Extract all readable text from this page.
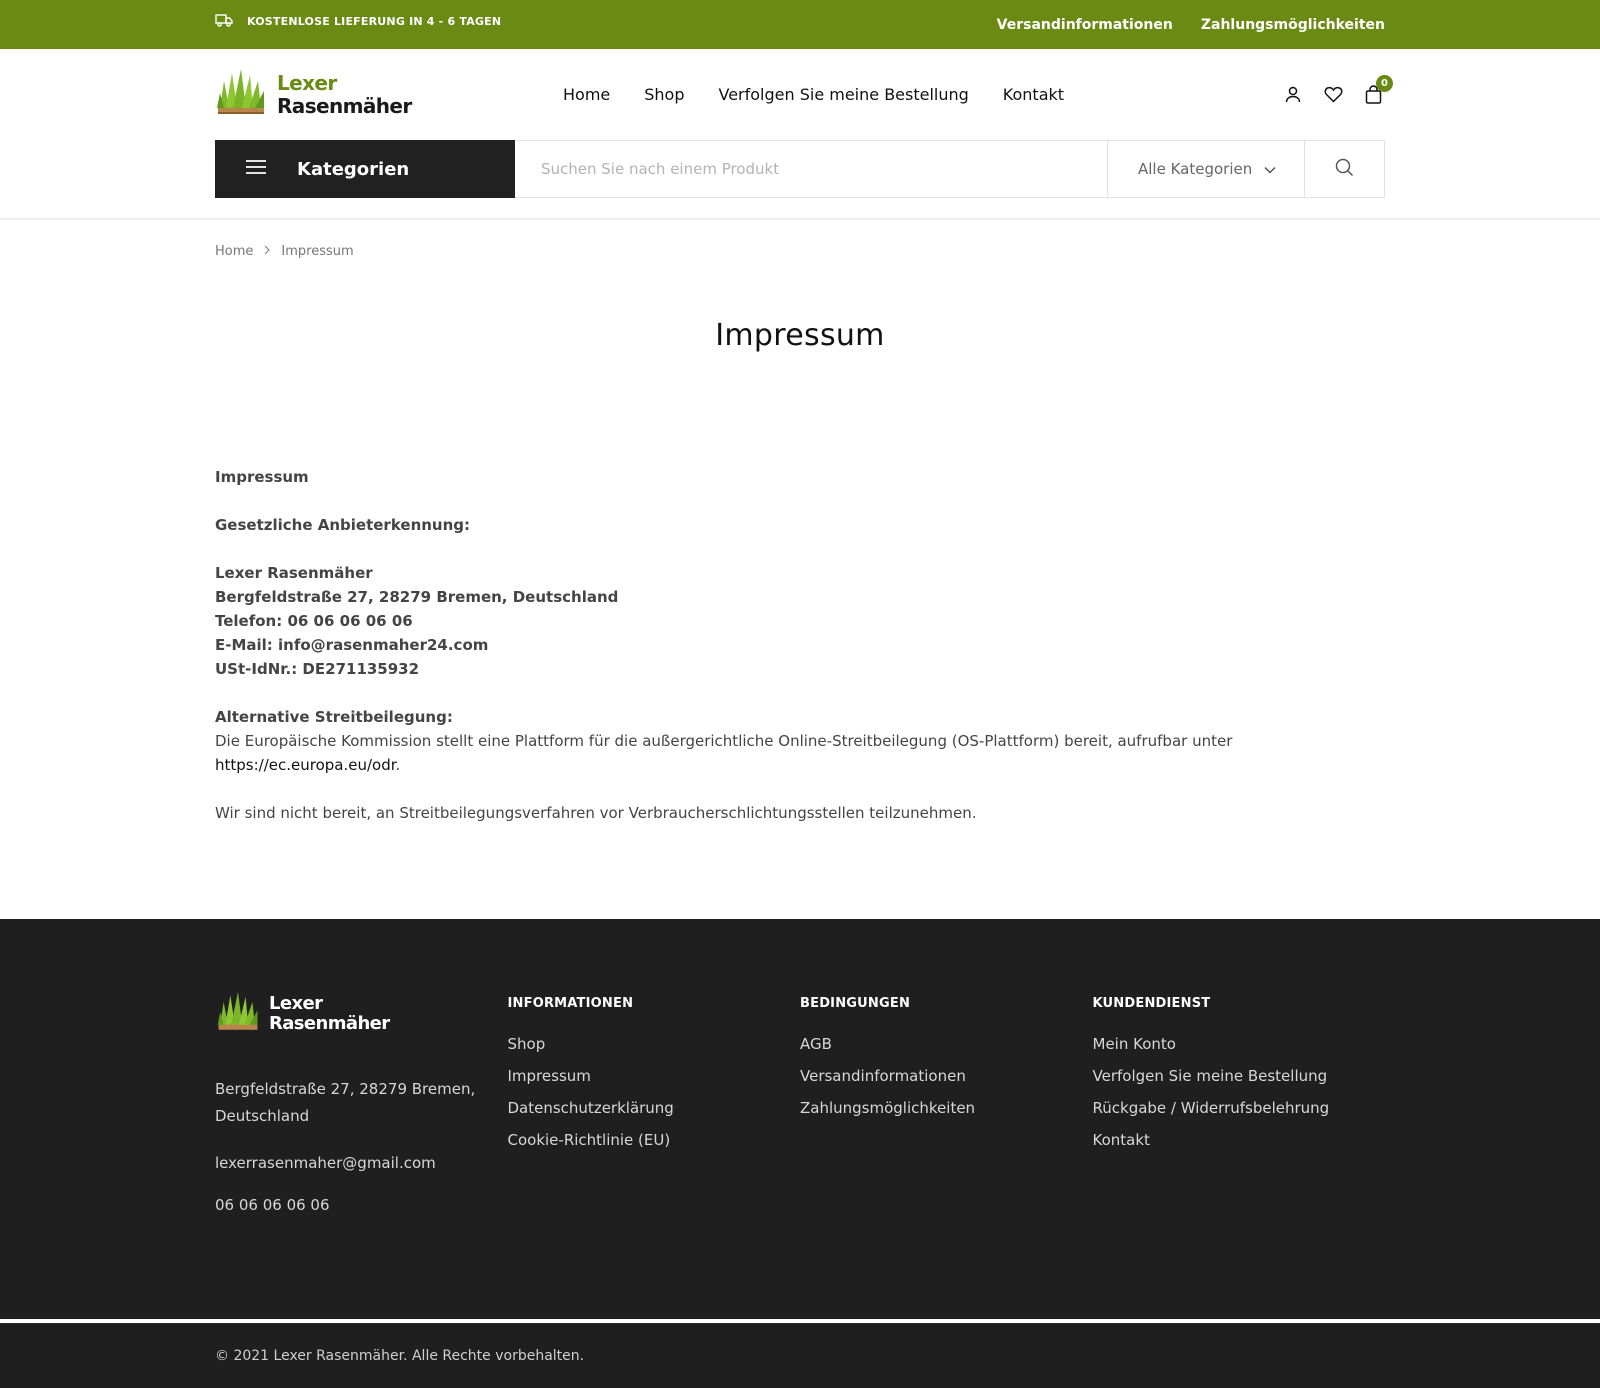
KOSTENLOSE LIEFERUNG IN 4 - 6 TAGEN	Versandinformationen Zahlungsmöglichkeiten
Lexer
Rasenmäher	Home Shop Verfolgen Sie meine Bestellung Kontakt
0
Kategorien
Suchen Sie nach einem Produkt	Alle Kategorien
Home Impressum
Impressum

Impressum

Gesetzliche Anbieterkennung:

Lexer Rasenmäher

Bergfeldstraße 27, 28279 Bremen, Deutschland

Telefon: 06 06 06 06 06

E-Mail: info@rasenmaher24.com

USt-IdNr.: DE271135932

Alternative Streitbeilegung:

Die Europäische Kommission stellt eine Plattform für die außergerichtliche Online-Streitbeilegung (OS-Plattform) bereit, aufrufbar unter https://ec.europa.eu/odr.

Wir sind nicht bereit, an Streitbeilegungsverfahren vor Verbraucherschlichtungsstellen teilzunehmen.

Lexer
Rasenmäher
Bergfeldstraße 27, 28279 Bremen,
Deutschland
lexerrasenmaher@gmail.com
06 06 06 06 06
INFORMATIONEN
Shop
Impressum
Datenschutzerklärung
Cookie-Richtlinie (EU)
BEDINGUNGEN
AGB
Versandinformationen
Zahlungsmöglichkeiten
KUNDENDIENST
Mein Konto
Verfolgen Sie meine Bestellung
Rückgabe / Widerrufsbelehrung
Kontakt
© 2021 Lexer Rasenmäher. Alle Rechte vorbehalten.
